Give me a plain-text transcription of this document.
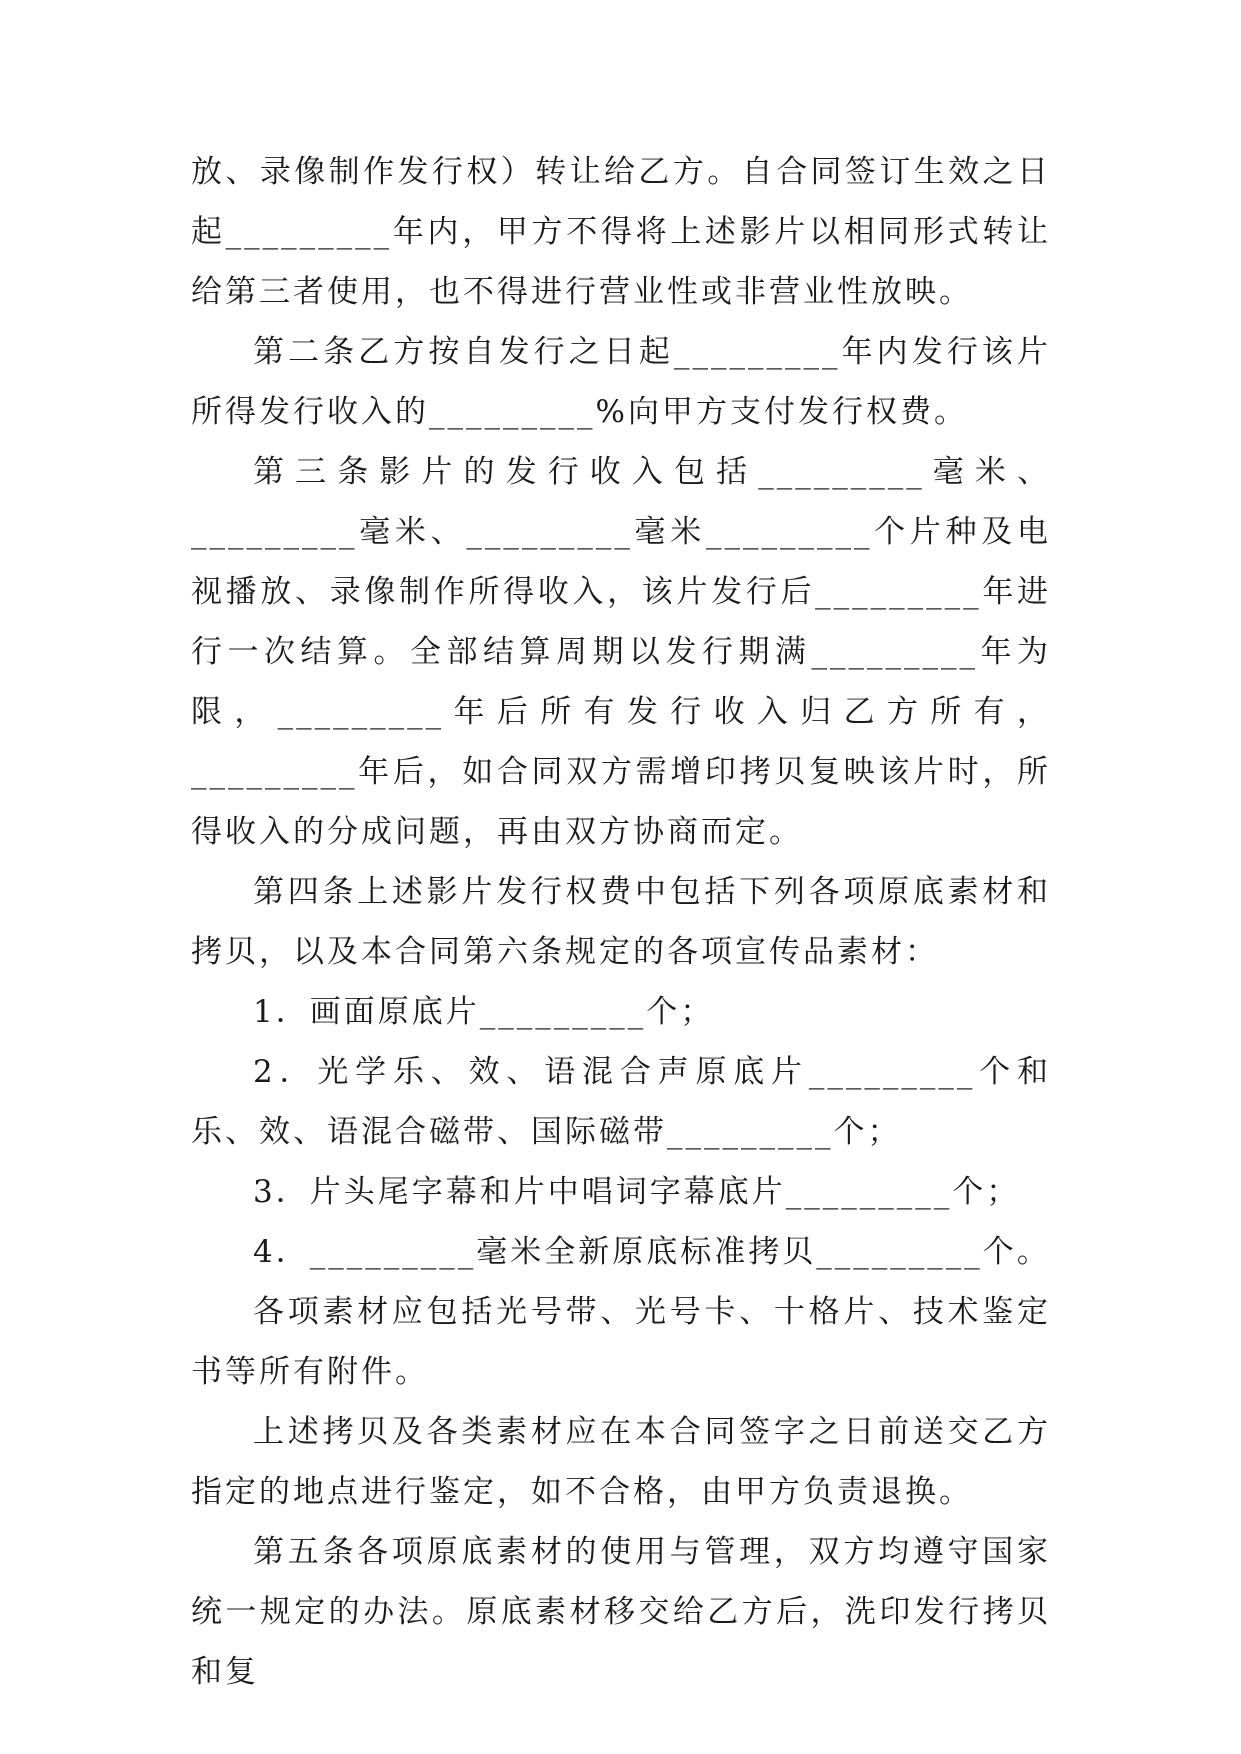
放、录像制作发行权）转让给乙方。自合同签订生效之日起_________年内，甲方不得将上述影片以相同形式转让给第三者使用，也不得进行营业性或非营业性放映。

第二条乙方按自发行之日起_________年内发行该片所得发行收入的_________%向甲方支付发行权费。

第三条影片的发行收入包括_________毫米、_________毫米、_________毫米_________个片种及电视播放、录像制作所得收入，该片发行后_________年进行一次结算。全部结算周期以发行期满_________年为限，_________年后所有发行收入归乙方所有，_________年后，如合同双方需增印拷贝复映该片时，所得收入的分成问题，再由双方协商而定。

第四条上述影片发行权费中包括下列各项原底素材和拷贝，以及本合同第六条规定的各项宣传品素材：

1．画面原底片_________个；

2．光学乐、效、语混合声原底片_________个和乐、效、语混合磁带、国际磁带_________个；

3．片头尾字幕和片中唱词字幕底片_________个；

4．_________毫米全新原底标准拷贝_________个。

各项素材应包括光号带、光号卡、十格片、技术鉴定书等所有附件。

上述拷贝及各类素材应在本合同签字之日前送交乙方指定的地点进行鉴定，如不合格，由甲方负责退换。

第五条各项原底素材的使用与管理，双方均遵守国家统一规定的办法。原底素材移交给乙方后，洗印发行拷贝和复
